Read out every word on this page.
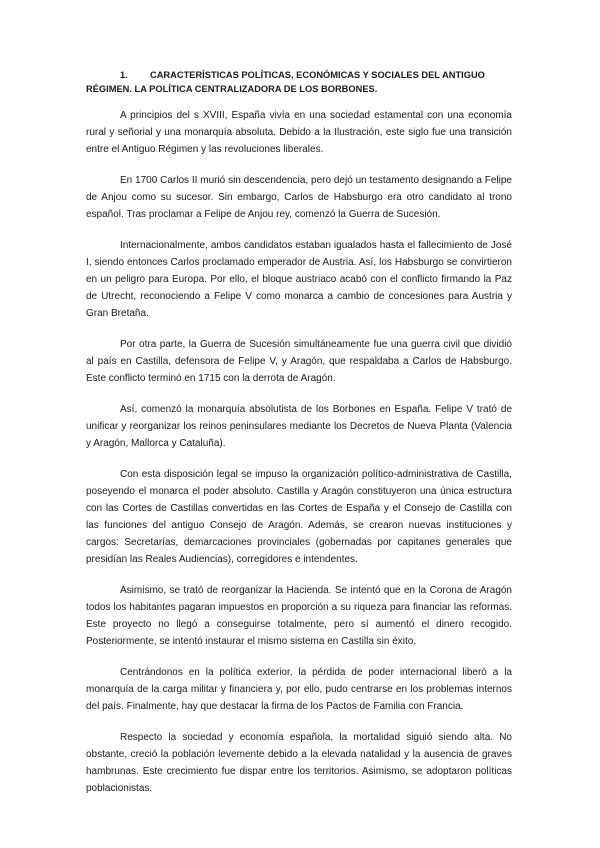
1. CARACTERÍSTICAS POLÍTICAS, ECONÓMICAS Y SOCIALES DEL ANTIGUO RÉGIMEN. LA POLÍTICA CENTRALIZADORA DE LOS BORBONES.

A principios del s XVIII, España vivía en una sociedad estamental con una economía rural y señorial y una monarquía absoluta. Debido a la Ilustración, este siglo fue una transición entre el Antiguo Régimen y las revoluciones liberales.

En 1700 Carlos II murió sin descendencia, pero dejó un testamento designando a Felipe de Anjou como su sucesor. Sin embargo, Carlos de Habsburgo era otro candidato al trono español. Tras proclamar a Felipe de Anjou rey, comenzó la Guerra de Sucesión.

Internacionalmente, ambos candidatos estaban igualados hasta el fallecimiento de José I, siendo entonces Carlos proclamado emperador de Austria. Así, los Habsburgo se convirtieron en un peligro para Europa. Por ello, el bloque austriaco acabó con el conflicto firmando la Paz de Utrecht, reconociendo a Felipe V como monarca a cambio de concesiones para Austria y Gran Bretaña.

Por otra parte, la Guerra de Sucesión simultáneamente fue una guerra civil que dividió al país en Castilla, defensora de Felipe V, y Aragón, que respaldaba a Carlos de Habsburgo. Este conflicto terminó en 1715 con la derrota de Aragón.

Así, comenzó la monarquía absolutista de los Borbones en España. Felipe V trató de unificar y reorganizar los reinos peninsulares mediante los Decretos de Nueva Planta (Valencia y Aragón, Mallorca y Cataluña).

Con esta disposición legal se impuso la organización político-administrativa de Castilla, poseyendo el monarca el poder absoluto. Castilla y Aragón constituyeron una única estructura con las Cortes de Castillas convertidas en las Cortes de España y el Consejo de Castilla con las funciones del antiguo Consejo de Aragón. Además, se crearon nuevas instituciones y cargos: Secretarías, demarcaciones provinciales (gobernadas por capitanes generales que presidían las Reales Audiencias), corregidores e intendentes.

Asimismo, se trató de reorganizar la Hacienda. Se intentó que en la Corona de Aragón todos los habitantes pagaran impuestos en proporción a su riqueza para financiar las reformas. Este proyecto no llegó a conseguirse totalmente, pero sí aumentó el dinero recogido. Posteriormente, se intentó instaurar el mismo sistema en Castilla sin éxito.

Centrándonos en la política exterior, la pérdida de poder internacional liberó a la monarquía de la carga militar y financiera y, por ello, pudo centrarse en los problemas internos del país. Finalmente, hay que destacar la firma de los Pactos de Familia con Francia.

Respecto la sociedad y economía española, la mortalidad siguió siendo alta. No obstante, creció la población levemente debido a la elevada natalidad y la ausencia de graves hambrunas. Este crecimiento fue dispar entre los territorios. Asimismo, se adoptaron políticas poblacionistas.
